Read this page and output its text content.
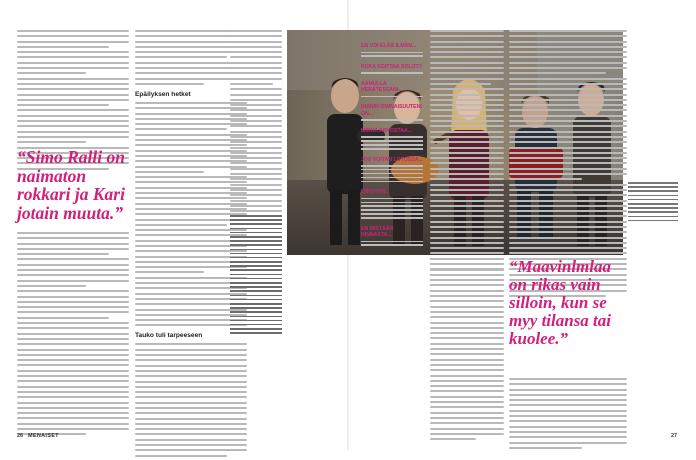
“Simo Ralli on naimaton rokkari ja Kari jotain muuta.”
Epäilyksen hetket
Tauko tuli tarpeeseen
EN VOI ELÄÄ ILMAN...
KUKA SOITTAA SOLOT?
AAMULLA HERÄTESSÄNI...
IHANIN OMINAISUUTENI ON...
MINUA ARVOSTAA...
JOS VOITAN LOTOSSA...
LIIKUTUN...
EN MISTÄÄN HINNASTA...
“Maavinlmlaa on rikas vain silloin, kun se myy tilansa tai kuolee.”
26 MENAISET	27
